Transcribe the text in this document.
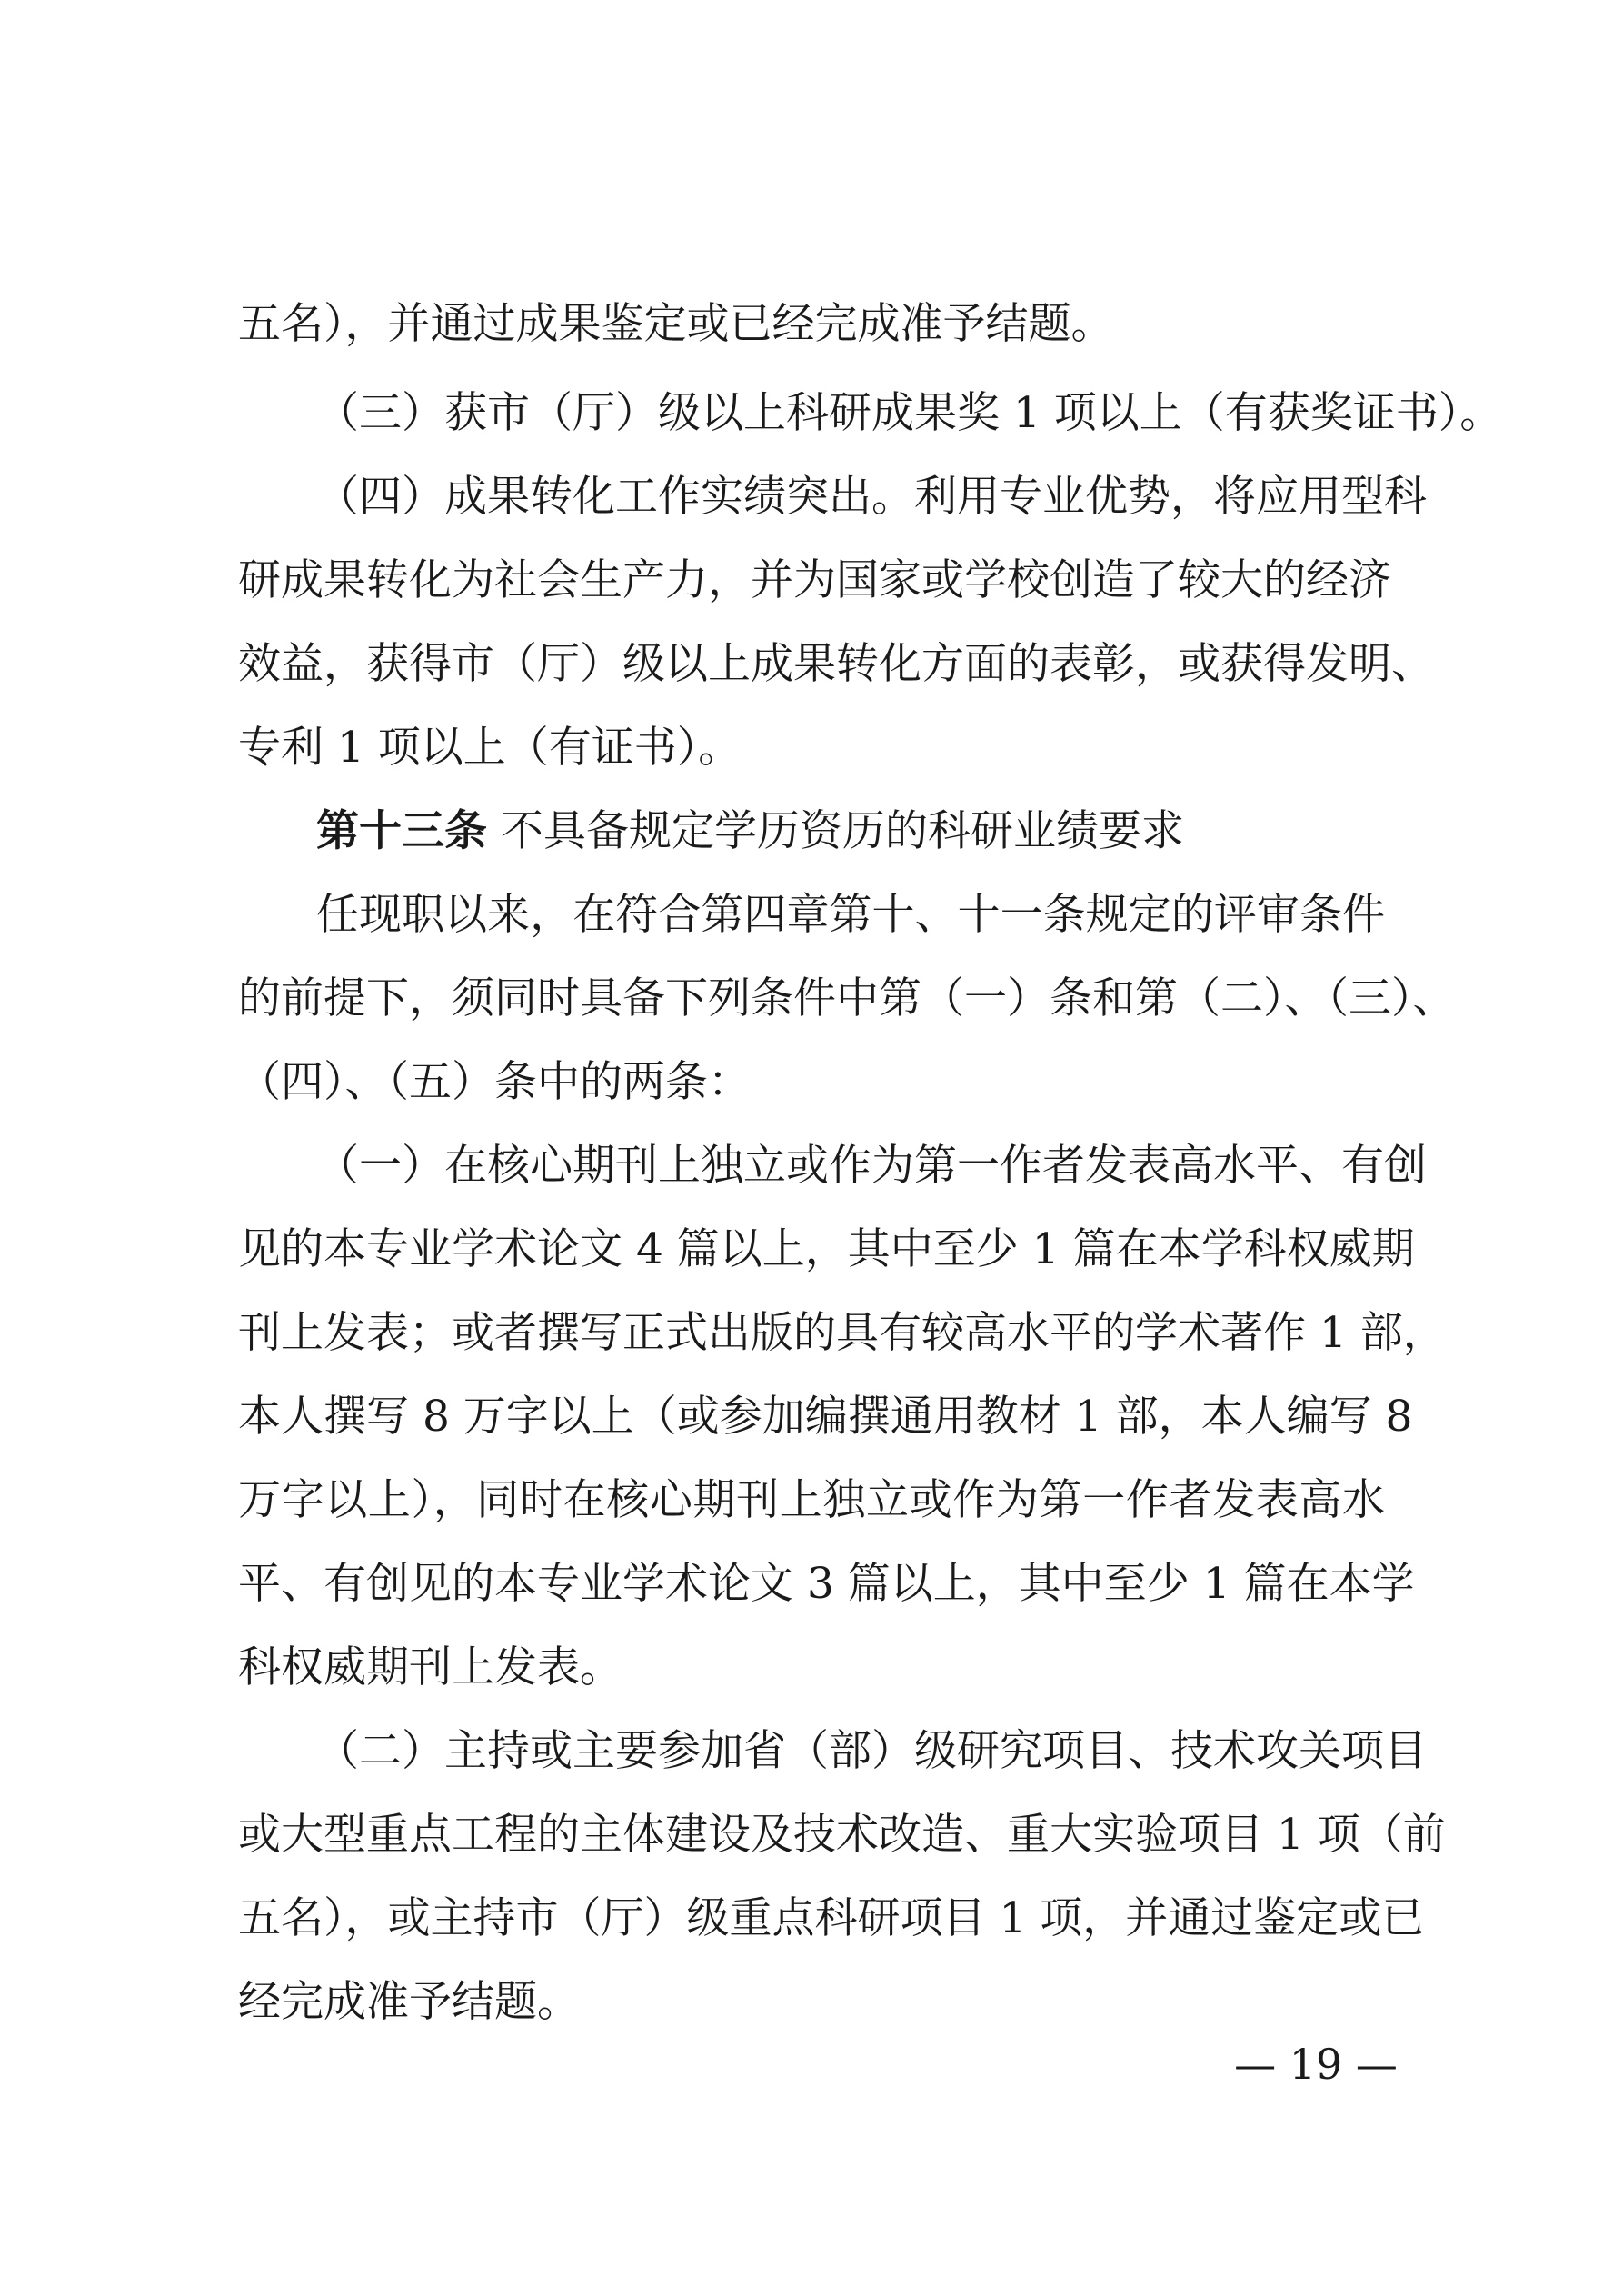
五名），并通过成果鉴定或已经完成准予结题。
（三）获市（厅）级以上科研成果奖 1 项以上（有获奖证书）。
（四）成果转化工作实绩突出。利用专业优势，将应用型科
研成果转化为社会生产力，并为国家或学校创造了较大的经济
效益，获得市（厅）级以上成果转化方面的表彰，或获得发明、
专利 1 项以上（有证书）。
第十三条 不具备规定学历资历的科研业绩要求
任现职以来，在符合第四章第十、十一条规定的评审条件
的前提下，须同时具备下列条件中第（一）条和第（二）、（三）、
（四）、（五）条中的两条：
（一）在核心期刊上独立或作为第一作者发表高水平、有创
见的本专业学术论文 4 篇以上，其中至少 1 篇在本学科权威期
刊上发表；或者撰写正式出版的具有较高水平的学术著作 1 部，
本人撰写 8 万字以上（或参加编撰通用教材 1 部，本人编写 8
万字以上），同时在核心期刊上独立或作为第一作者发表高水
平、有创见的本专业学术论文 3 篇以上，其中至少 1 篇在本学
科权威期刊上发表。
（二）主持或主要参加省（部）级研究项目、技术攻关项目
或大型重点工程的主体建设及技术改造、重大实验项目 1 项（前
五名），或主持市（厅）级重点科研项目 1 项，并通过鉴定或已
经完成准予结题。
— 19 —
